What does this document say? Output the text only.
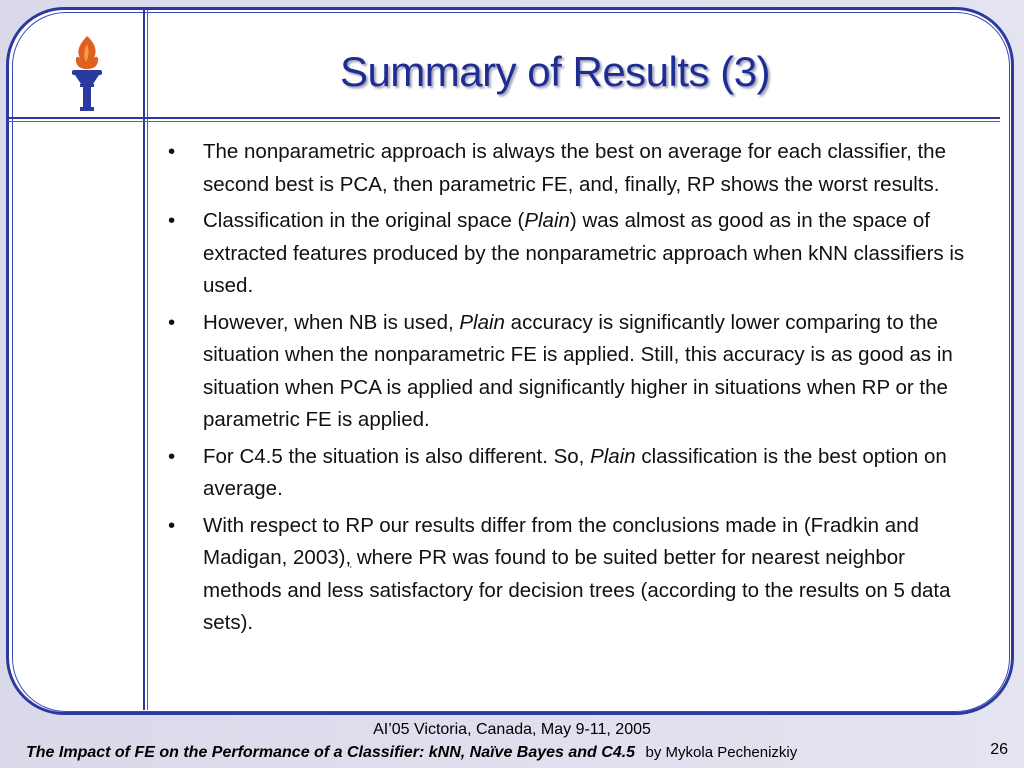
Summary of Results (3)
• The nonparametric approach is always the best on average for each classifier, the second best is PCA, then parametric FE, and, finally, RP shows the worst results.
• Classification in the original space (Plain) was almost as good as in the space of extracted features produced by the nonparametric approach when kNN classifiers is used.
• However, when NB is used, Plain accuracy is significantly lower comparing to the situation when the nonparametric FE is applied. Still, this accuracy is as good as in situation when PCA is applied and significantly higher in situations when RP or the parametric FE is applied.
• For C4.5 the situation is also different. So, Plain classification is the best option on average.
• With respect to RP our results differ from the conclusions made in (Fradkin and Madigan, 2003), where PR was found to be suited better for nearest neighbor methods and less satisfactory for decision trees (according to the results on 5 data sets).
AI’05 Victoria, Canada, May 9-11, 2005
The Impact of FE on the Performance of a Classifier: kNN, Naïve Bayes and C4.5 by Mykola Pechenizkiy	26
